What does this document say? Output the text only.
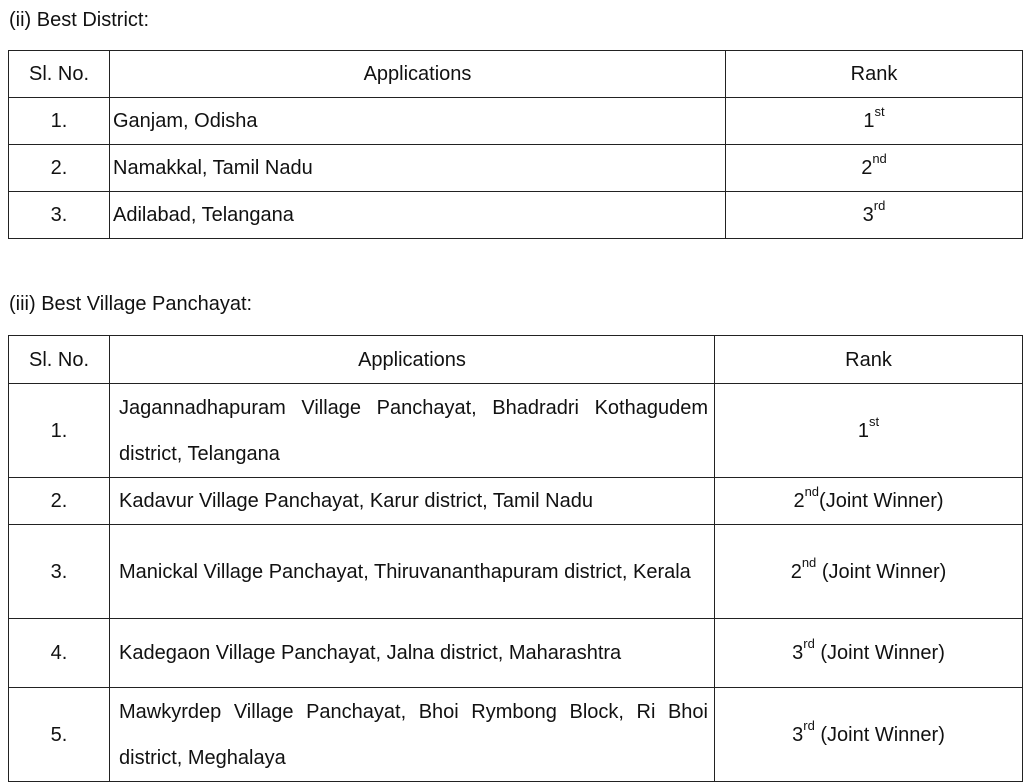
(ii) Best District:
Sl. No.	Applications	Rank
1.	Ganjam, Odisha	1st
2.	Namakkal, Tamil Nadu	2nd
3.	Adilabad, Telangana	3rd
(iii) Best Village Panchayat:
Sl. No.	Applications	Rank
1.	Jagannadhapuram Village Panchayat, Bhadradri Kothagudem district, Telangana	1st
2.	Kadavur Village Panchayat, Karur district, Tamil Nadu	2nd(Joint Winner)
3.	Manickal Village Panchayat, Thiruvananthapuram district, Kerala	2nd (Joint Winner)
4.	Kadegaon Village Panchayat, Jalna district, Maharashtra	3rd (Joint Winner)
5.	Mawkyrdep Village Panchayat, Bhoi Rymbong Block, Ri Bhoi district, Meghalaya	3rd (Joint Winner)
